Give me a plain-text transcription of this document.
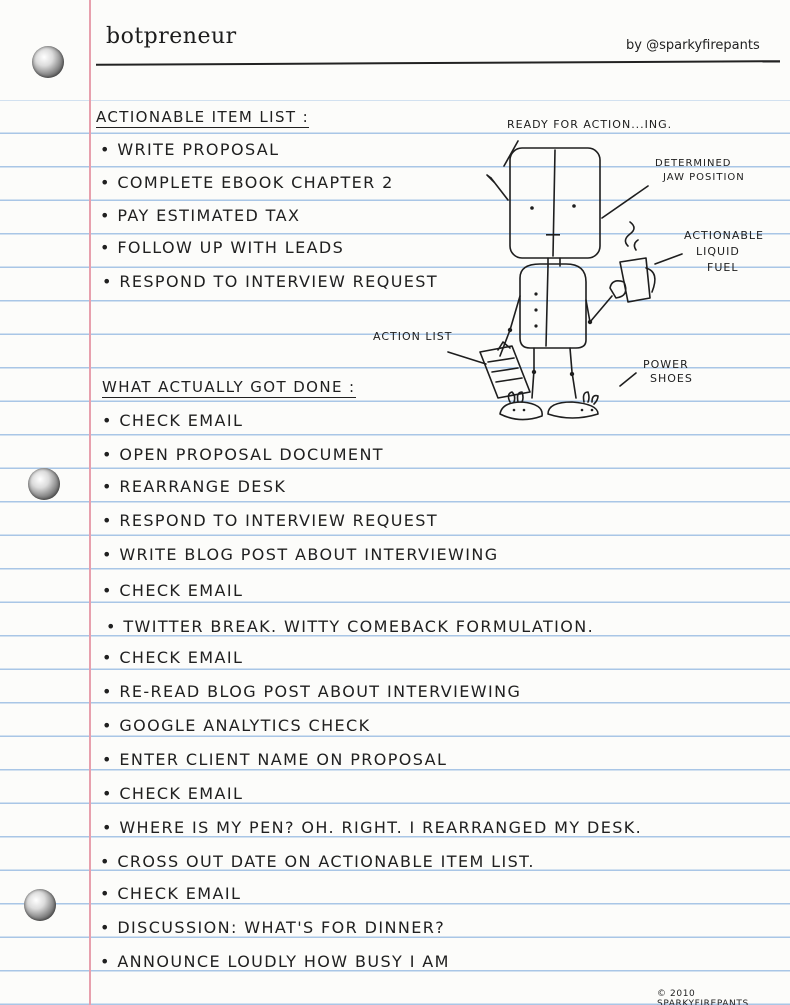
botpreneur	by @sparkyfirepants
ACTIONABLE ITEM LIST :
• WRITE PROPOSAL
• COMPLETE EBOOK CHAPTER 2
• PAY ESTIMATED TAX
• FOLLOW UP WITH LEADS
• RESPOND TO INTERVIEW REQUEST
WHAT ACTUALLY GOT DONE :
• CHECK EMAIL
• OPEN PROPOSAL DOCUMENT
• REARRANGE DESK
• RESPOND TO INTERVIEW REQUEST
• WRITE BLOG POST ABOUT INTERVIEWING
• CHECK EMAIL
• TWITTER BREAK. WITTY COMEBACK FORMULATION.
• CHECK EMAIL
• RE-READ BLOG POST ABOUT INTERVIEWING
• GOOGLE ANALYTICS CHECK
• ENTER CLIENT NAME ON PROPOSAL
• CHECK EMAIL
• WHERE IS MY PEN? OH. RIGHT. I REARRANGED MY DESK.
• CROSS OUT DATE ON ACTIONABLE ITEM LIST.
• CHECK EMAIL
• DISCUSSION: WHAT'S FOR DINNER?
• ANNOUNCE LOUDLY HOW BUSY I AM
READY FOR ACTION...ING.
DETERMINED
JAW POSITION
ACTIONABLE
LIQUID
FUEL
ACTION LIST
POWER
SHOES
© 2010 SPARKYFIREPANTS
